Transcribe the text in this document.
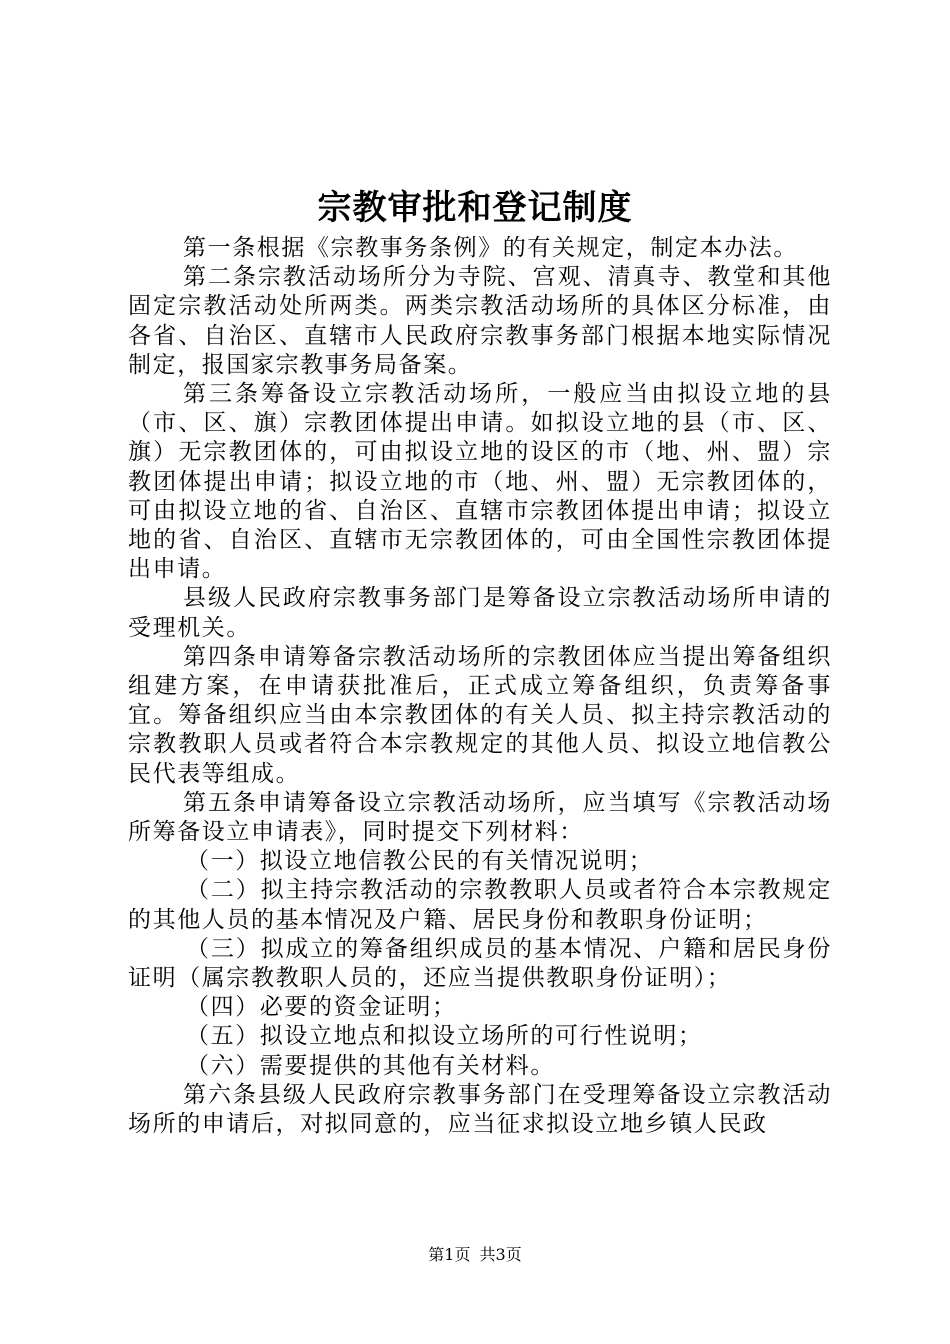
宗教审批和登记制度

第一条根据《宗教事务条例》的有关规定，制定本办法。

第二条宗教活动场所分为寺院、宫观、清真寺、教堂和其他固定宗教活动处所两类。两类宗教活动场所的具体区分标准，由各省、自治区、直辖市人民政府宗教事务部门根据本地实际情况制定，报国家宗教事务局备案。

第三条筹备设立宗教活动场所，一般应当由拟设立地的县（市、区、旗）宗教团体提出申请。如拟设立地的县（市、区、旗）无宗教团体的，可由拟设立地的设区的市（地、州、盟）宗教团体提出申请；拟设立地的市（地、州、盟）无宗教团体的，可由拟设立地的省、自治区、直辖市宗教团体提出申请；拟设立地的省、自治区、直辖市无宗教团体的，可由全国性宗教团体提出申请。

县级人民政府宗教事务部门是筹备设立宗教活动场所申请的受理机关。

第四条申请筹备宗教活动场所的宗教团体应当提出筹备组织组建方案，在申请获批准后，正式成立筹备组织，负责筹备事宜。筹备组织应当由本宗教团体的有关人员、拟主持宗教活动的宗教教职人员或者符合本宗教规定的其他人员、拟设立地信教公民代表等组成。

第五条申请筹备设立宗教活动场所，应当填写《宗教活动场所筹备设立申请表》，同时提交下列材料：

（一）拟设立地信教公民的有关情况说明；

（二）拟主持宗教活动的宗教教职人员或者符合本宗教规定的其他人员的基本情况及户籍、居民身份和教职身份证明；

（三）拟成立的筹备组织成员的基本情况、户籍和居民身份证明（属宗教教职人员的，还应当提供教职身份证明）；

（四）必要的资金证明；

（五）拟设立地点和拟设立场所的可行性说明；

（六）需要提供的其他有关材料。

第六条县级人民政府宗教事务部门在受理筹备设立宗教活动场所的申请后，对拟同意的，应当征求拟设立地乡镇人民政

第1页 共3页
